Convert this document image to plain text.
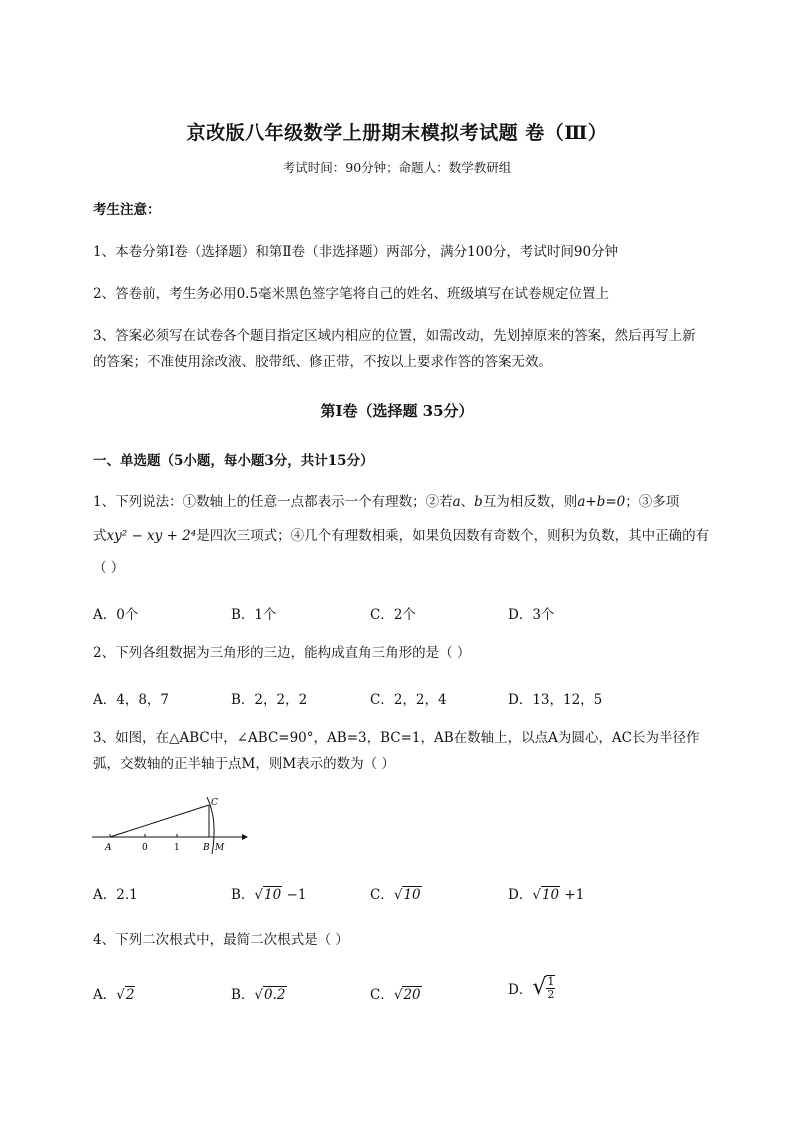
京改版八年级数学上册期末模拟考试题 卷（Ⅲ）
考试时间：90分钟；命题人：数学教研组
考生注意：
1、本卷分第I卷（选择题）和第Ⅱ卷（非选择题）两部分，满分100分，考试时间90分钟
2、答卷前，考生务必用0.5毫米黑色签字笔将自己的姓名、班级填写在试卷规定位置上
3、答案必须写在试卷各个题目指定区域内相应的位置，如需改动，先划掉原来的答案，然后再写上新
的答案；不准使用涂改液、胶带纸、修正带，不按以上要求作答的答案无效。
第I卷（选择题 35分）
一、单选题（5小题，每小题3分，共计15分）
1、下列说法：①数轴上的任意一点都表示一个有理数；②若a、b互为相反数，则a+b=0；③多项
式xy² − xy + 2⁴是四次三项式；④几个有理数相乘，如果负因数有奇数个，则积为负数，其中正确的有
（ ）
A．0个	B．1个	C．2个	D．3个
2、下列各组数据为三角形的三边，能构成直角三角形的是（ ）
A．4，8，7	B．2，2，2	C．2，2，4	D．13，12，5
3、如图，在△ABC中，∠ABC=90°，AB=3，BC=1，AB在数轴上，以点A为圆心，AC长为半径作
弧，交数轴的正半轴于点M，则M表示的数为（ ）
A	0	1	B M
C
A．2.1	B．√10 −1	C．√10	D．√10 +1
4、下列二次根式中，最简二次根式是（ ）
A．√2	B．√0.2	C．√20	D． √ $\frac{1}{2}$
